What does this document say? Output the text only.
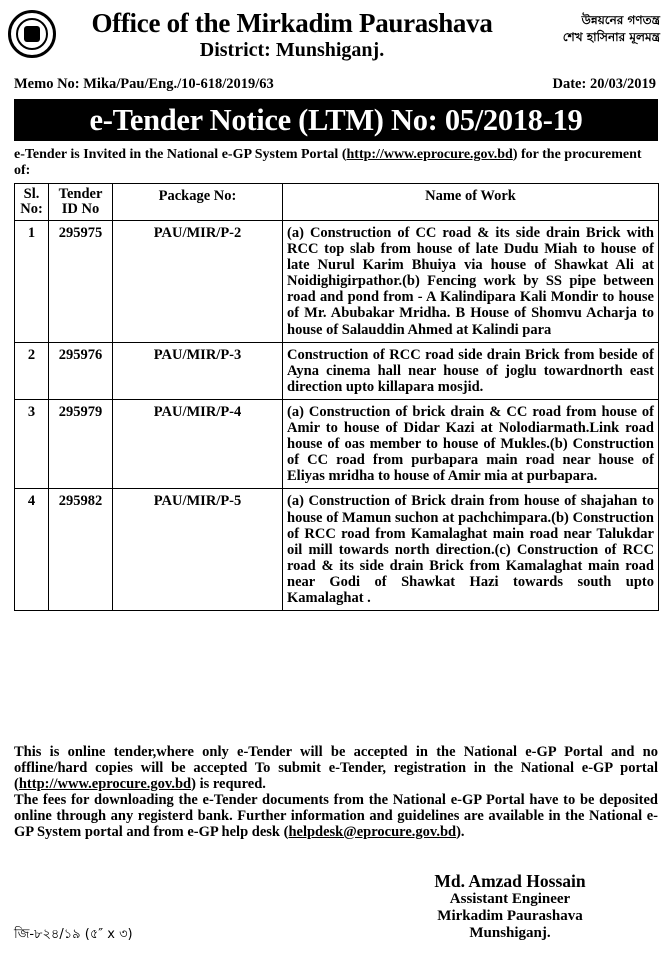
Office of the Mirkadim Paurashava
District: Munshiganj.
উন্নয়নের গণতন্ত্র
শেখ হাসিনার মূলমন্ত্র
Memo No: Mika/Pau/Eng./10-618/2019/63	Date: 20/03/2019
e-Tender Notice (LTM) No: 05/2018-19
e-Tender is Invited in the National e-GP System Portal (http://www.eprocure.gov.bd) for the procurement of:
Sl. No:	Tender ID No	Package No:	Name of Work
1	295975	PAU/MIR/P-2	(a) Construction of CC road & its side drain Brick with RCC top slab from house of late Dudu Miah to house of late Nurul Karim Bhuiya via house of Shawkat Ali at Noidighigirpathor.(b) Fencing work by SS pipe between road and pond from - A Kalindipara Kali Mondir to house of Mr. Abubakar Mridha. B House of Shomvu Acharja to house of Salauddin Ahmed at Kalindi para
2	295976	PAU/MIR/P-3	Construction of RCC road side drain Brick from beside of Ayna cinema hall near house of joglu towardnorth east direction upto killapara mosjid.
3	295979	PAU/MIR/P-4	(a) Construction of brick drain & CC road from house of Amir to house of Didar Kazi at Nolodiarmath.Link road house of oas member to house of Mukles.(b) Construction of CC road from purbapara main road near house of Eliyas mridha to house of Amir mia at purbapara.
4	295982	PAU/MIR/P-5	(a) Construction of Brick drain from house of shajahan to house of Mamun suchon at pachchimpara.(b) Construction of RCC road from Kamalaghat main road near Talukdar oil mill towards north direction.(c) Construction of RCC road & its side drain Brick from Kamalaghat main road near Godi of Shawkat Hazi towards south upto Kamalaghat .

This is online tender,where only e-Tender will be accepted in the National e-GP Portal and no offline/hard copies will be accepted To submit e-Tender, registration in the National e-GP portal (http://www.eprocure.gov.bd) is requred.

The fees for downloading the e-Tender documents from the National e-GP Portal have to be deposited online through any registerd bank. Further information and guidelines are available in the National e-GP System portal and from e-GP help desk (helpdesk@eprocure.gov.bd).

Md. Amzad Hossain
Assistant Engineer
Mirkadim Paurashava
Munshiganj.
জি-৮২৪/১৯ (৫″ x ৩)
